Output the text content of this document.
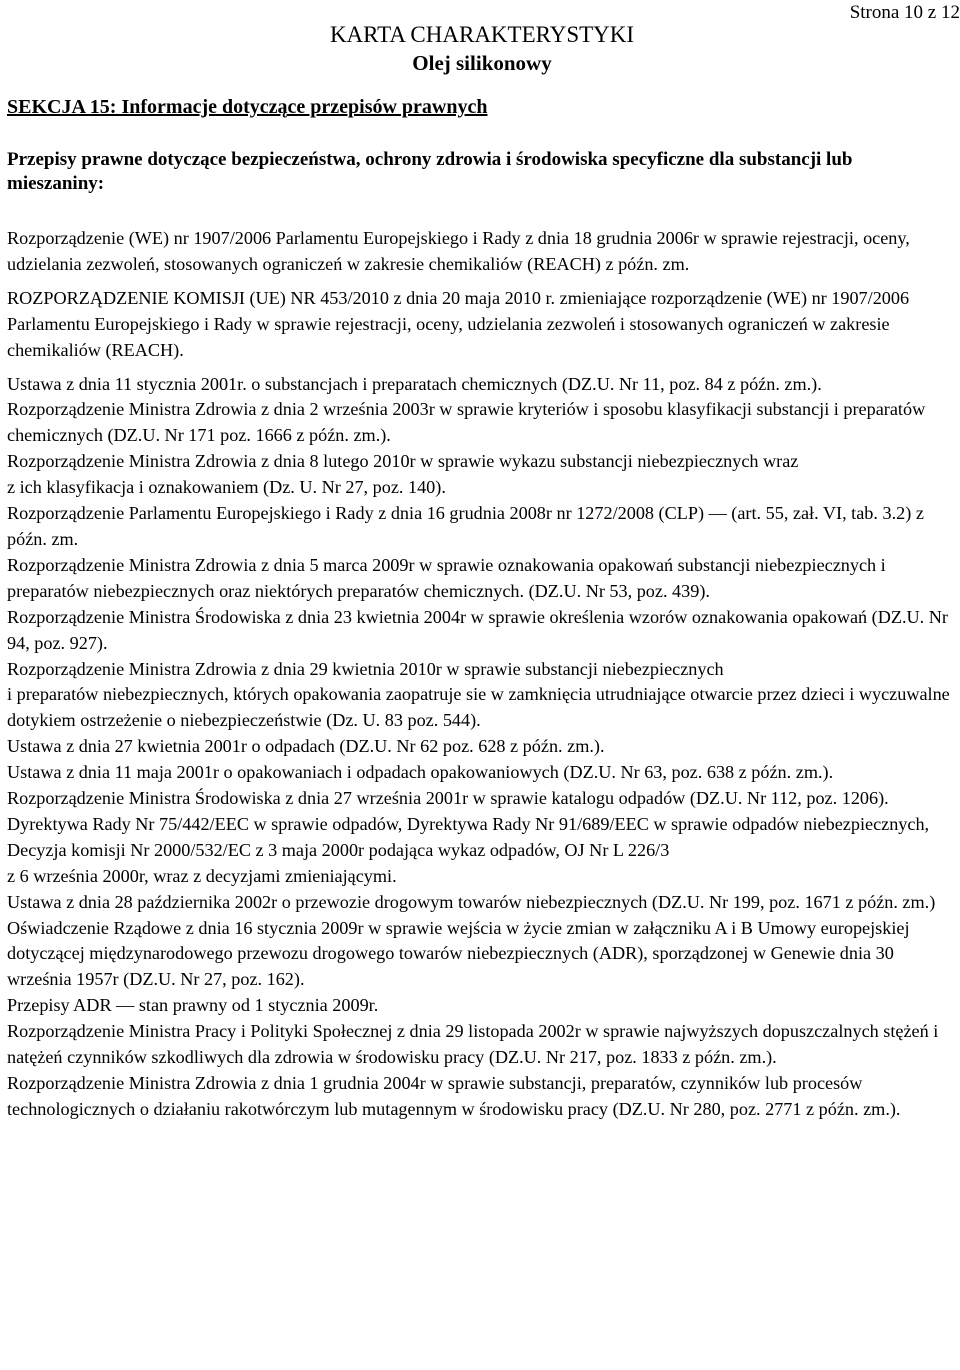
Strona 10 z 12
KARTA CHARAKTERYSTYKI
Olej silikonowy
SEKCJA 15: Informacje dotyczące przepisów prawnych
Przepisy prawne dotyczące bezpieczeństwa, ochrony zdrowia i środowiska specyficzne dla substancji lub mieszaniny:

Rozporządzenie (WE) nr 1907/2006 Parlamentu Europejskiego i Rady z dnia 18 grudnia 2006r w sprawie rejestracji, oceny, udzielania zezwoleń, stosowanych ograniczeń w zakresie chemikaliów (REACH) z późn. zm.

ROZPORZĄDZENIE KOMISJI (UE) NR 453/2010 z dnia 20 maja 2010 r. zmieniające rozporządzenie (WE) nr 1907/2006 Parlamentu Europejskiego i Rady w sprawie rejestracji, oceny, udzielania zezwoleń i stosowanych ograniczeń w zakresie chemikaliów (REACH).

Ustawa z dnia 11 stycznia 2001r. o substancjach i preparatach chemicznych (DZ.U. Nr 11, poz. 84 z późn. zm.).

Rozporządzenie Ministra Zdrowia z dnia 2 września 2003r w sprawie kryteriów i sposobu klasyfikacji substancji i preparatów chemicznych (DZ.U. Nr 171 poz. 1666 z późn. zm.).

Rozporządzenie Ministra Zdrowia z dnia 8 lutego 2010r w sprawie wykazu substancji niebezpiecznych wraz

z ich klasyfikacja i oznakowaniem (Dz. U. Nr 27, poz. 140).

Rozporządzenie Parlamentu Europejskiego i Rady z dnia 16 grudnia 2008r nr 1272/2008 (CLP) — (art. 55, zał. VI, tab. 3.2) z późn. zm.

Rozporządzenie Ministra Zdrowia z dnia 5 marca 2009r w sprawie oznakowania opakowań substancji niebezpiecznych i preparatów niebezpiecznych oraz niektórych preparatów chemicznych. (DZ.U. Nr 53, poz. 439).

Rozporządzenie Ministra Środowiska z dnia 23 kwietnia 2004r w sprawie określenia wzorów oznakowania opakowań (DZ.U. Nr 94, poz. 927).

Rozporządzenie Ministra Zdrowia z dnia 29 kwietnia 2010r w sprawie substancji niebezpiecznych

i preparatów niebezpiecznych, których opakowania zaopatruje sie w zamknięcia utrudniające otwarcie przez dzieci i wyczuwalne dotykiem ostrzeżenie o niebezpieczeństwie (Dz. U. 83 poz. 544).

Ustawa z dnia 27 kwietnia 2001r o odpadach (DZ.U. Nr 62 poz. 628 z późn. zm.).

Ustawa z dnia 11 maja 2001r o opakowaniach i odpadach opakowaniowych (DZ.U. Nr 63, poz. 638 z późn. zm.).

Rozporządzenie Ministra Środowiska z dnia 27 września 2001r w sprawie katalogu odpadów (DZ.U. Nr 112, poz. 1206).

Dyrektywa Rady Nr 75/442/EEC w sprawie odpadów, Dyrektywa Rady Nr 91/689/EEC w sprawie odpadów niebezpiecznych, Decyzja komisji Nr 2000/532/EC z 3 maja 2000r podająca wykaz odpadów, OJ Nr L 226/3

z 6 września 2000r, wraz z decyzjami zmieniającymi.

Ustawa z dnia 28 października 2002r o przewozie drogowym towarów niebezpiecznych (DZ.U. Nr 199, poz. 1671 z późn. zm.)

Oświadczenie Rządowe z dnia 16 stycznia 2009r w sprawie wejścia w życie zmian w załączniku A i B Umowy europejskiej dotyczącej międzynarodowego przewozu drogowego towarów niebezpiecznych (ADR), sporządzonej w Genewie dnia 30 września 1957r (DZ.U. Nr 27, poz. 162).

Przepisy ADR — stan prawny od 1 stycznia 2009r.

Rozporządzenie Ministra Pracy i Polityki Społecznej z dnia 29 listopada 2002r w sprawie najwyższych dopuszczalnych stężeń i natężeń czynników szkodliwych dla zdrowia w środowisku pracy (DZ.U. Nr 217, poz. 1833 z późn. zm.).

Rozporządzenie Ministra Zdrowia z dnia 1 grudnia 2004r w sprawie substancji, preparatów, czynników lub procesów technologicznych o działaniu rakotwórczym lub mutagennym w środowisku pracy (DZ.U. Nr 280, poz. 2771 z późn. zm.).
